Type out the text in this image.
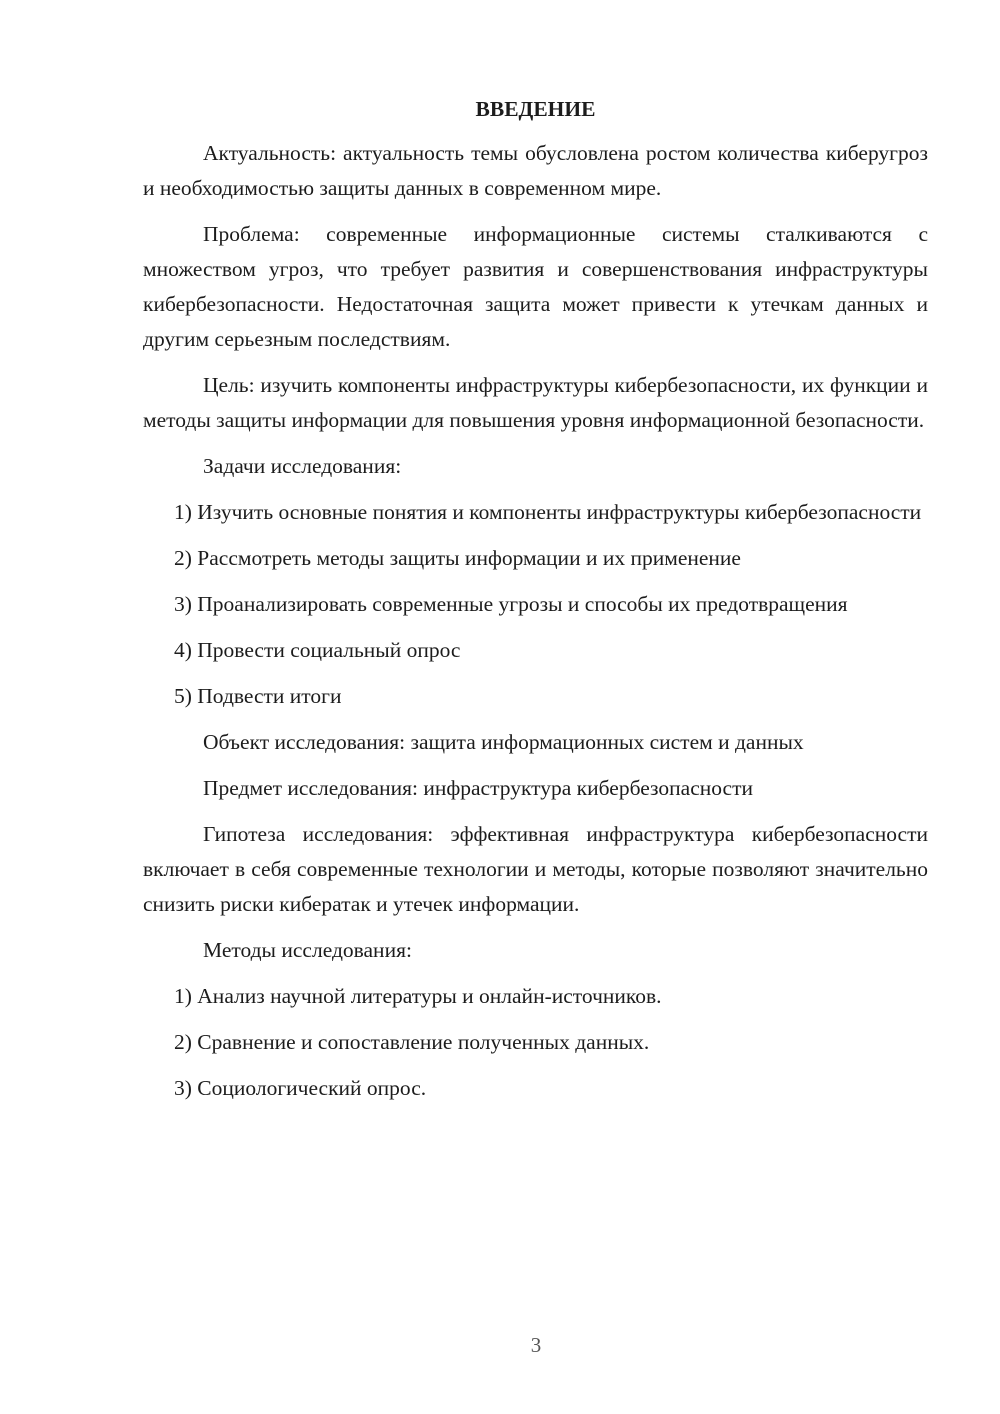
ВВЕДЕНИЕ

Актуальность: актуальность темы обусловлена ростом количества киберугроз и необходимостью защиты данных в современном мире.

Проблема: современные информационные системы сталкиваются с множеством угроз, что требует развития и совершенствования инфраструктуры кибербезопасности. Недостаточная защита может привести к утечкам данных и другим серьезным последствиям.

Цель: изучить компоненты инфраструктуры кибербезопасности, их функции и методы защиты информации для повышения уровня информационной безопасности.

Задачи исследования:

1) Изучить основные понятия и компоненты инфраструктуры кибербезопасности

2) Рассмотреть методы защиты информации и их применение

3) Проанализировать современные угрозы и способы их предотвращения

4) Провести социальный опрос

5) Подвести итоги

Объект исследования: защита информационных систем и данных

Предмет исследования: инфраструктура кибербезопасности

Гипотеза исследования: эффективная инфраструктура кибербезопасности включает в себя современные технологии и методы, которые позволяют значительно снизить риски кибератак и утечек информации.

Методы исследования:

1) Анализ научной литературы и онлайн-источников.

2) Сравнение и сопоставление полученных данных.

3) Социологический опрос.

3
